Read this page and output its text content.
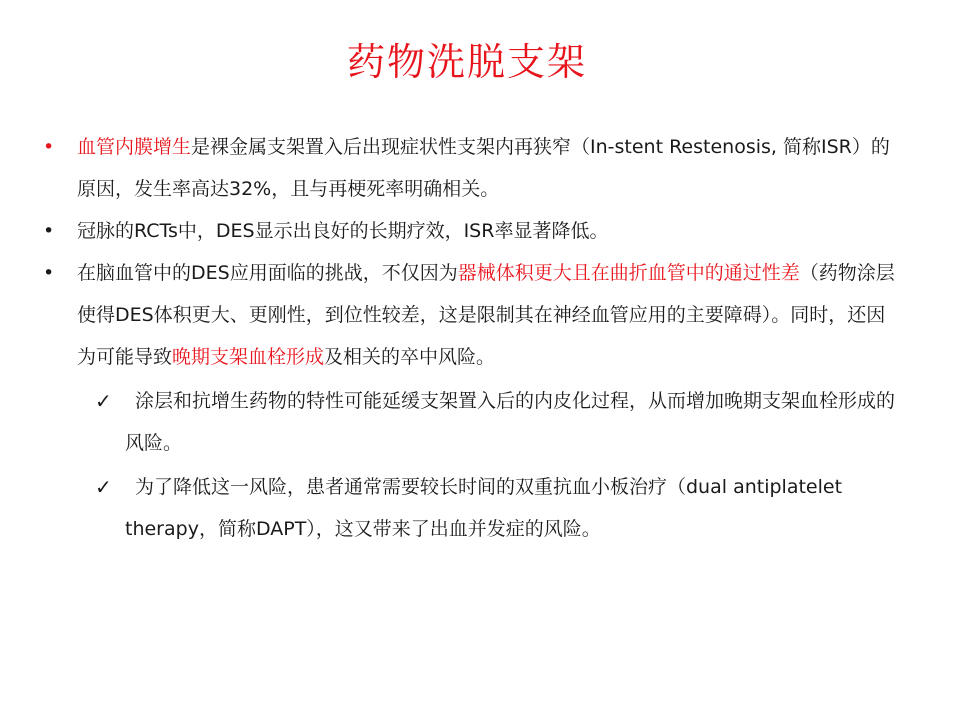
药物洗脱支架
• 血管内膜增生是裸金属支架置入后出现症状性支架内再狭窄（In-stent Restenosis, 简称ISR）的原因，发生率高达32%，且与再梗死率明确相关。
• 冠脉的RCTs中，DES显示出良好的长期疗效，ISR率显著降低。
• 在脑血管中的DES应用面临的挑战，不仅因为器械体积更大且在曲折血管中的通过性差（药物涂层使得DES体积更大、更刚性，到位性较差，这是限制其在神经血管应用的主要障碍）。同时，还因为可能导致晚期支架血栓形成及相关的卒中风险。
✓ 涂层和抗增生药物的特性可能延缓支架置入后的内皮化过程，从而增加晚期支架血栓形成的风险。
✓ 为了降低这一风险，患者通常需要较长时间的双重抗血小板治疗（dual antiplatelet therapy，简称DAPT），这又带来了出血并发症的风险。
